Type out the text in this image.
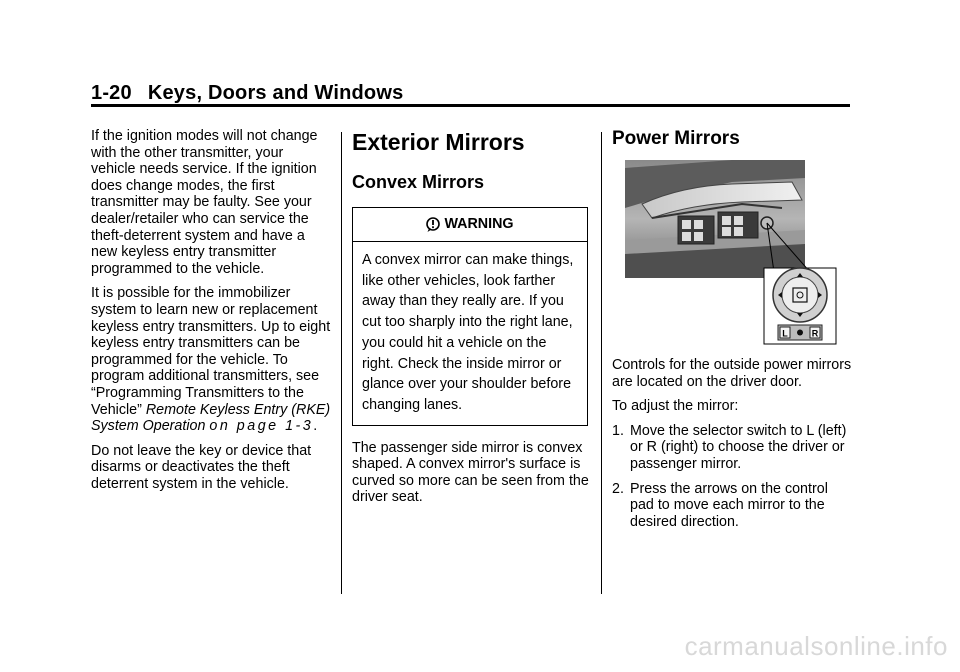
1-20 Keys, Doors and Windows

If the ignition modes will not change with the other transmitter, your vehicle needs service. If the ignition does change modes, the first transmitter may be faulty. See your dealer/retailer who can service the theft-deterrent system and have a new keyless entry transmitter programmed to the vehicle.

It is possible for the immobilizer system to learn new or replacement keyless entry transmitters. Up to eight keyless entry transmitters can be programmed for the vehicle. To program additional transmitters, see “Programming Transmitters to the Vehicle” Remote Keyless Entry (RKE) System Operation on page 1-3.

Do not leave the key or device that disarms or deactivates the theft deterrent system in the vehicle.

Exterior Mirrors
Convex Mirrors
WARNING
A convex mirror can make things, like other vehicles, look farther away than they really are. If you cut too sharply into the right lane, you could hit a vehicle on the right. Check the inside mirror or glance over your shoulder before changing lanes.

The passenger side mirror is convex shaped. A convex mirror's surface is curved so more can be seen from the driver seat.

Power Mirrors
L	R

Controls for the outside power mirrors are located on the driver door.

To adjust the mirror:

1. Move the selector switch to L (left) or R (right) to choose the driver or passenger mirror.
2. Press the arrows on the control pad to move each mirror to the desired direction.
carmanualsonline.info
